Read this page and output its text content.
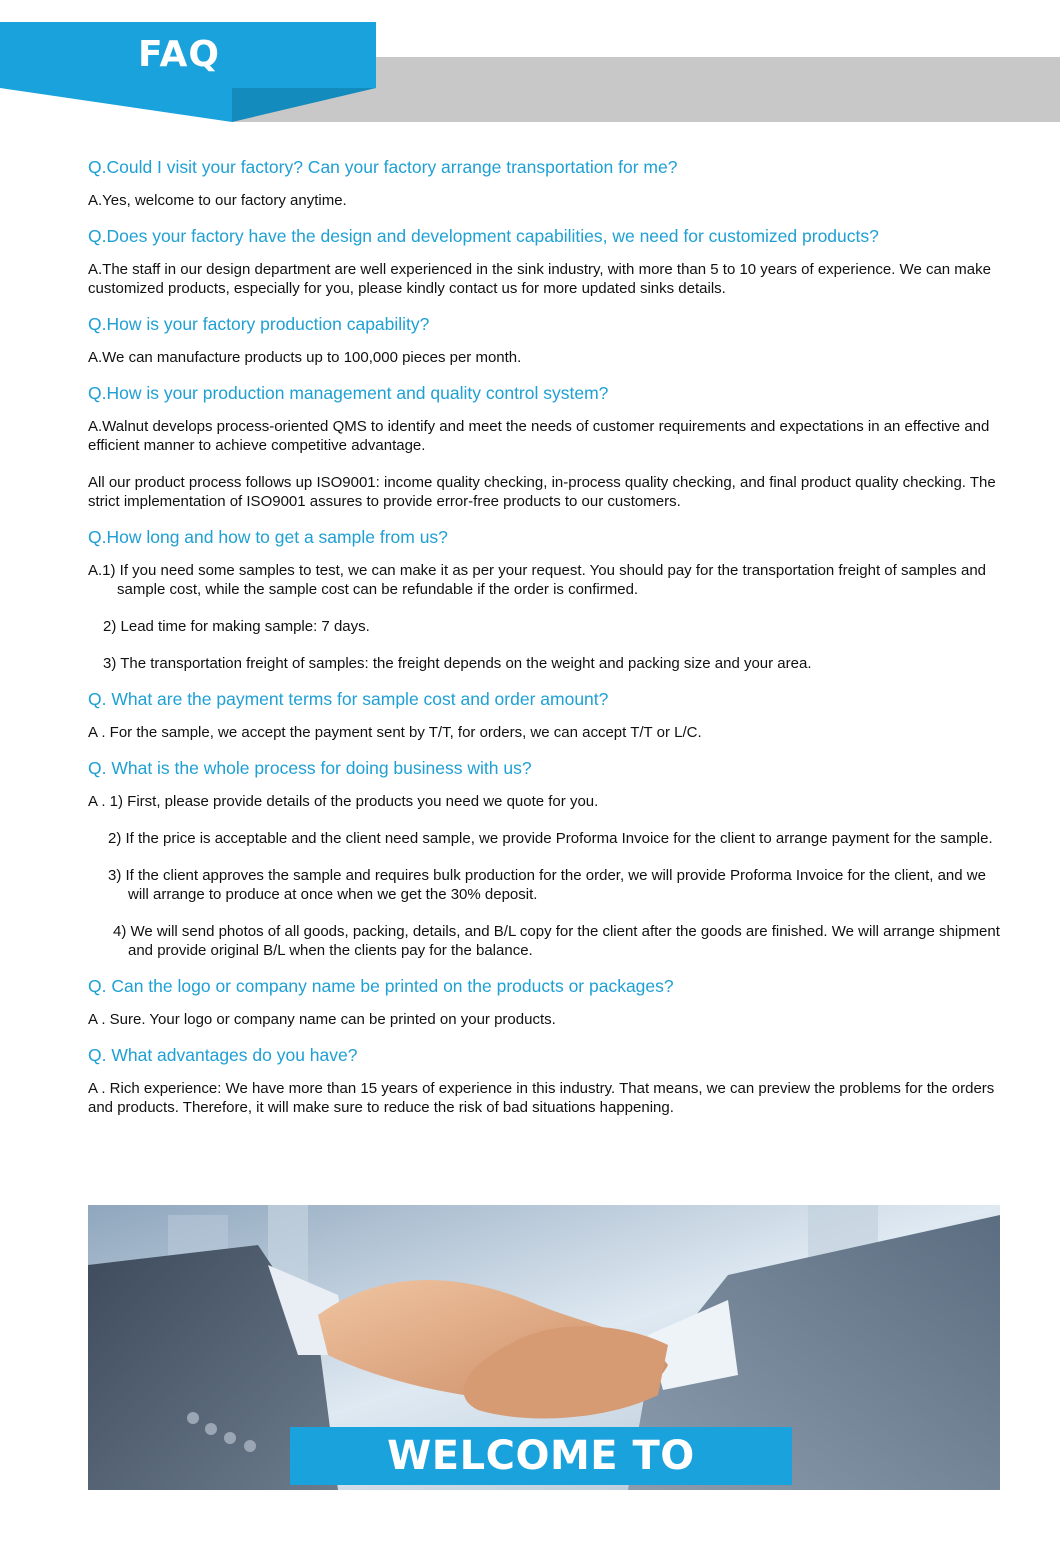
FAQ

Q.Could I visit your factory? Can your factory arrange transportation for me?

A.Yes, welcome to our factory anytime.

Q.Does your factory have the design and development capabilities, we need for customized products?

A.The staff in our design department are well experienced in the sink industry, with more than 5 to 10 years of experience. We can make customized products, especially for you, please kindly contact us for more updated sinks details.

Q.How is your factory production capability?

A.We can manufacture products up to 100,000 pieces per month.

Q.How is your production management and quality control system?

A.Walnut develops process-oriented QMS to identify and meet the needs of customer requirements and expectations in an effective and efficient manner to achieve competitive advantage.

All our product process follows up ISO9001: income quality checking, in-process quality checking, and final product quality checking. The strict implementation of ISO9001 assures to provide error-free products to our customers.

Q.How long and how to get a sample from us?

A.1) If you need some samples to test, we can make it as per your request. You should pay for the transportation freight of samples and sample cost, while the sample cost can be refundable if the order is confirmed.

2) Lead time for making sample: 7 days.

3) The transportation freight of samples: the freight depends on the weight and packing size and your area.

Q. What are the payment terms for sample cost and order amount?

A . For the sample, we accept the payment sent by T/T, for orders, we can accept T/T or L/C.

Q. What is the whole process for doing business with us?

A . 1) First, please provide details of the products you need we quote for you.

2) If the price is acceptable and the client need sample, we provide Proforma Invoice for the client to arrange payment for the sample.

3) If the client approves the sample and requires bulk production for the order, we will provide Proforma Invoice for the client, and we will arrange to produce at once when we get the 30% deposit.

4) We will send photos of all goods, packing, details, and B/L copy for the client after the goods are finished. We will arrange shipment and provide original B/L when the clients pay for the balance.

Q. Can the logo or company name be printed on the products or packages?

A . Sure. Your logo or company name can be printed on your products.

Q. What advantages do you have?

A . Rich experience: We have more than 15 years of experience in this industry. That means, we can preview the problems for the orders and products. Therefore, it will make sure to reduce the risk of bad situations happening.

WELCOME TO CONTACT US
